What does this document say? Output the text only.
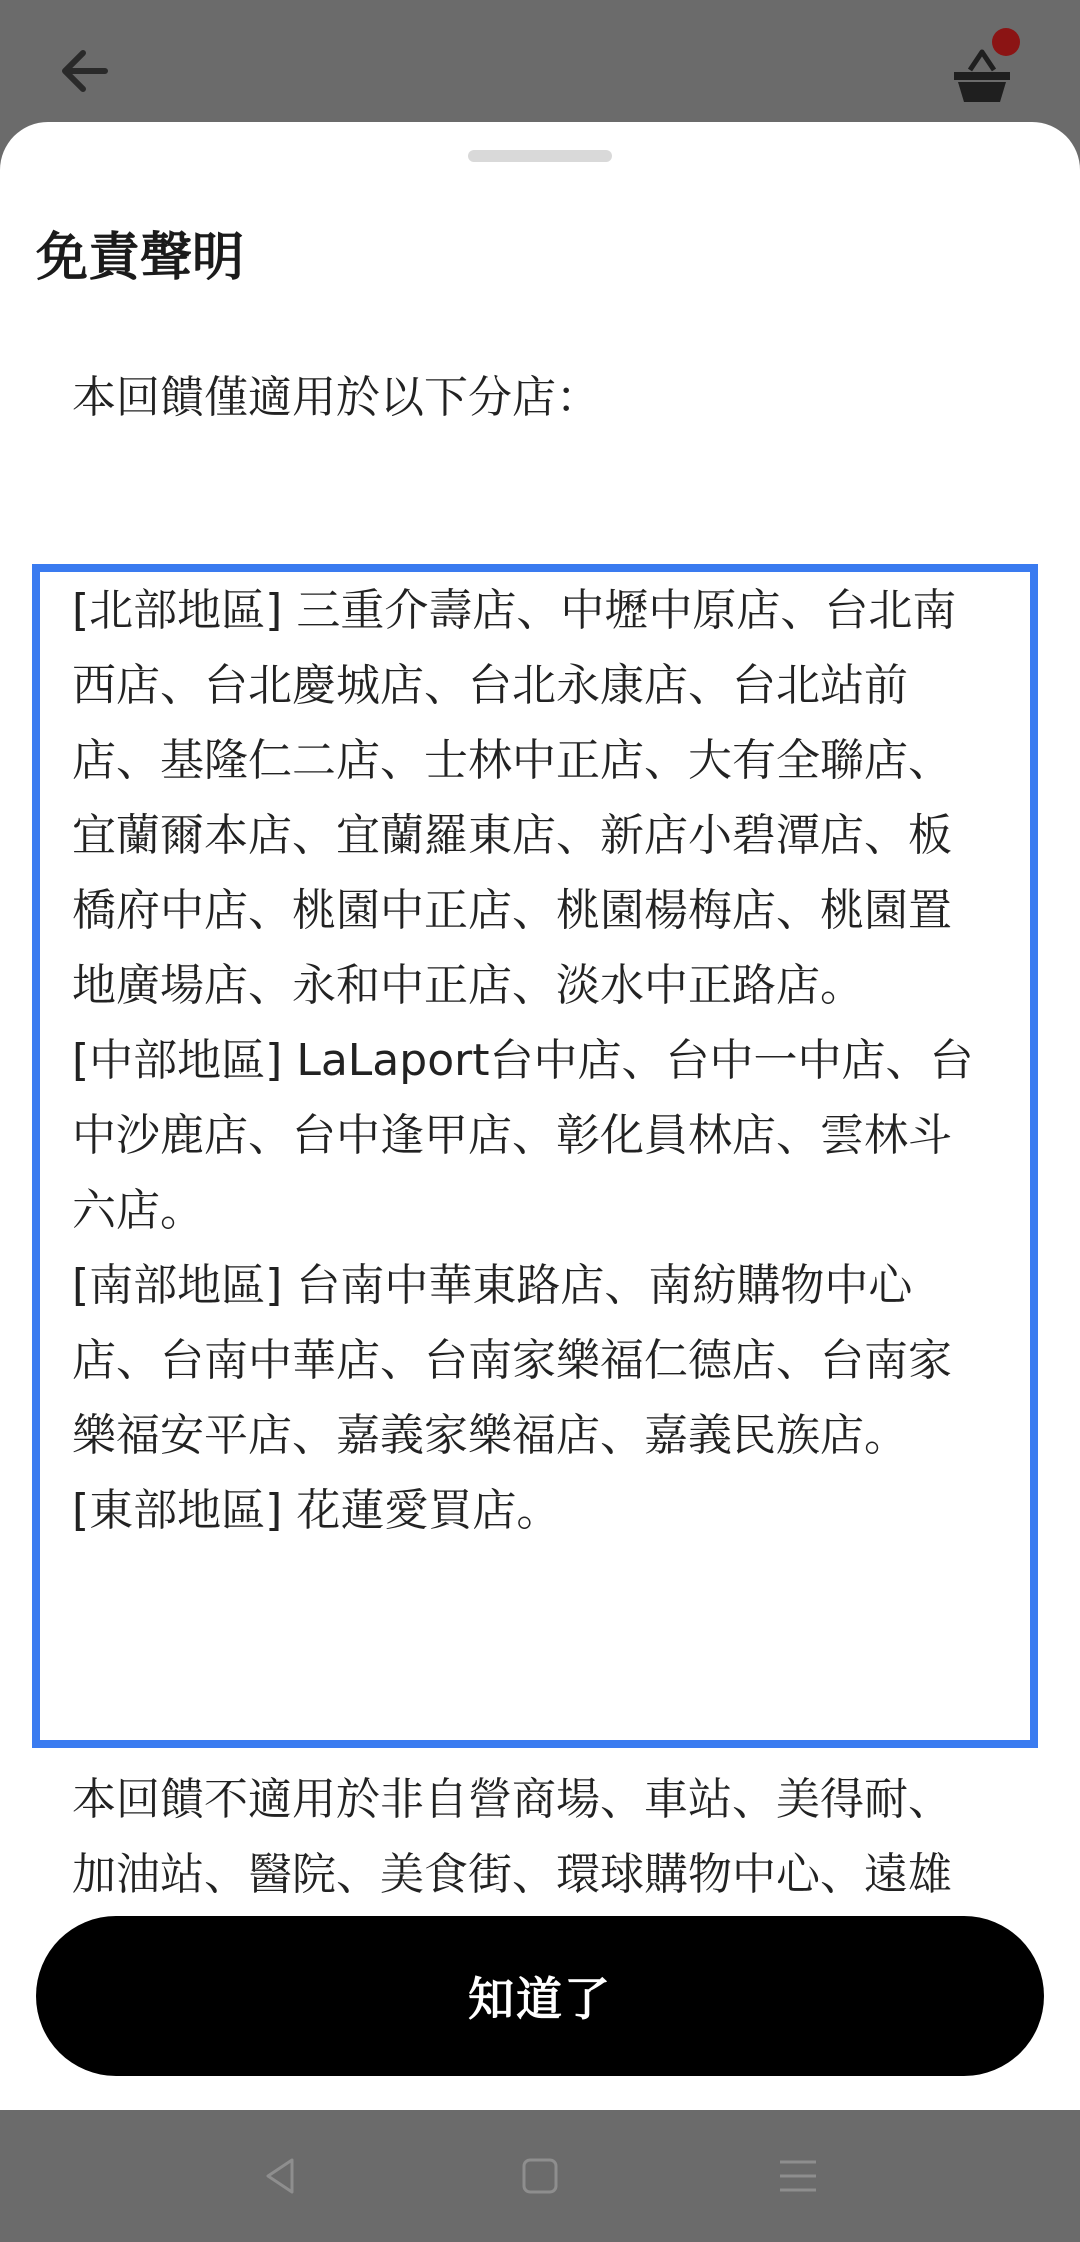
免責聲明
本回饋僅適用於以下分店：

[北部地區] 三重介壽店、中壢中原店、台北南西店、台北慶城店、台北永康店、台北站前店、基隆仁二店、士林中正店、大有全聯店、宜蘭爾本店、宜蘭羅東店、新店小碧潭店、板橋府中店、桃園中正店、桃園楊梅店、桃園置地廣場店、永和中正店、淡水中正路店。

[中部地區] LaLaport台中店、台中一中店、台中沙鹿店、台中逢甲店、彰化員林店、雲林斗六店。

[南部地區] 台南中華東路店、南紡購物中心店、台南中華店、台南家樂福仁德店、台南家樂福安平店、嘉義家樂福店、嘉義民族店。

[東部地區] 花蓮愛買店。

本回饋不適用於非自營商場、車站、美得耐、加油站、醫院、美食街、環球購物中心、遠雄
知道了
